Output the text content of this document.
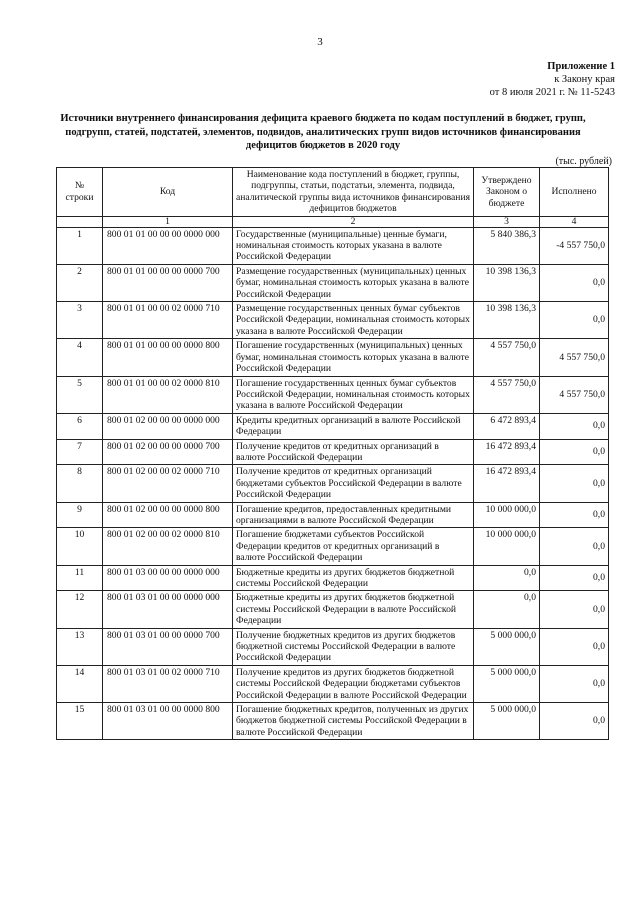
3
Приложение 1
к Закону края
от 8 июля 2021 г. № 11-5243
Источники внутреннего финансирования дефицита краевого бюджета по кодам поступлений в бюджет, групп, подгрупп, статей, подстатей, элементов, подвидов, аналитических групп видов источников финансирования дефицитов бюджетов в 2020 году
(тыс. рублей)
№ строки	Код	Наименование кода поступлений в бюджет, группы, подгруппы, статьи, подстатьи, элемента, подвида, аналитической группы вида источников финансирования дефицитов бюджетов	Утверждено Законом о бюджете	Исполнено
	1	2	3	4
1	800 01 01 00 00 00 0000 000	Государственные (муниципальные) ценные бумаги, номинальная стоимость которых указана в валюте Российской Федерации	5 840 386,3	-4 557 750,0
2	800 01 01 00 00 00 0000 700	Размещение государственных (муниципальных) ценных бумаг, номинальная стоимость которых указана в валюте Российской Федерации	10 398 136,3	0,0
3	800 01 01 00 00 02 0000 710	Размещение государственных ценных бумаг субъектов Российской Федерации, номинальная стоимость которых указана в валюте Российской Федерации	10 398 136,3	0,0
4	800 01 01 00 00 00 0000 800	Погашение государственных (муниципальных) ценных бумаг, номинальная стоимость которых указана в валюте Российской Федерации	4 557 750,0	4 557 750,0
5	800 01 01 00 00 02 0000 810	Погашение государственных ценных бумаг субъектов Российской Федерации, номинальная стоимость которых указана в валюте Российской Федерации	4 557 750,0	4 557 750,0
6	800 01 02 00 00 00 0000 000	Кредиты кредитных организаций в валюте Российской Федерации	6 472 893,4	0,0
7	800 01 02 00 00 00 0000 700	Получение кредитов от кредитных организаций в валюте Российской Федерации	16 472 893,4	0,0
8	800 01 02 00 00 02 0000 710	Получение кредитов от кредитных организаций бюджетами субъектов Российской Федерации в валюте Российской Федерации	16 472 893,4	0,0
9	800 01 02 00 00 00 0000 800	Погашение кредитов, предоставленных кредитными организациями в валюте Российской Федерации	10 000 000,0	0,0
10	800 01 02 00 00 02 0000 810	Погашение бюджетами субъектов Российской Федерации кредитов от кредитных организаций в валюте Российской Федерации	10 000 000,0	0,0
11	800 01 03 00 00 00 0000 000	Бюджетные кредиты из других бюджетов бюджетной системы Российской Федерации	0,0	0,0
12	800 01 03 01 00 00 0000 000	Бюджетные кредиты из других бюджетов бюджетной системы Российской Федерации в валюте Российской Федерации	0,0	0,0
13	800 01 03 01 00 00 0000 700	Получение бюджетных кредитов из других бюджетов бюджетной системы Российской Федерации в валюте Российской Федерации	5 000 000,0	0,0
14	800 01 03 01 00 02 0000 710	Получение кредитов из других бюджетов бюджетной системы Российской Федерации бюджетами субъектов Российской Федерации в валюте Российской Федерации	5 000 000,0	0,0
15	800 01 03 01 00 00 0000 800	Погашение бюджетных кредитов, полученных из других бюджетов бюджетной системы Российской Федерации в валюте Российской Федерации	5 000 000,0	0,0
